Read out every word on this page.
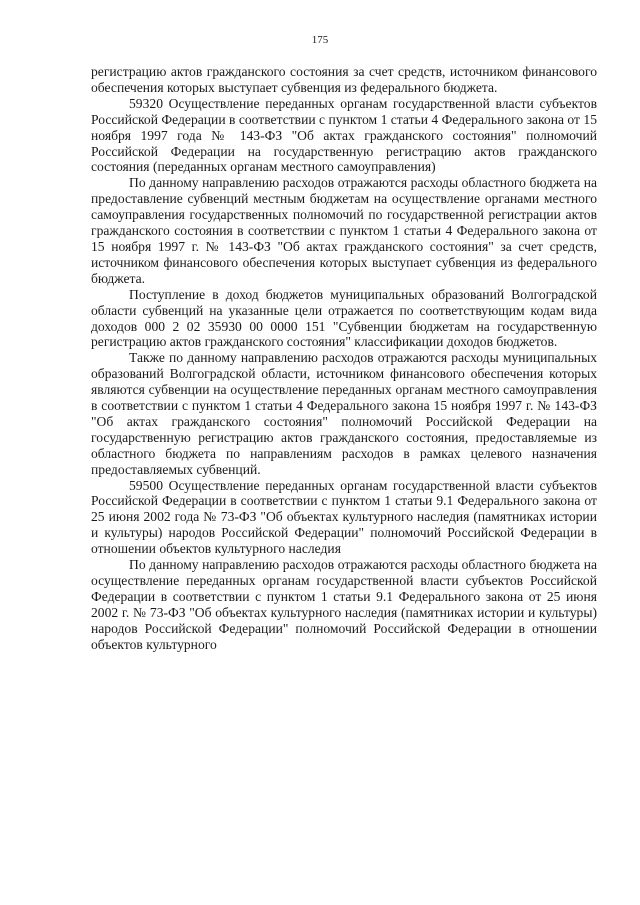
175

регистрацию актов гражданского состояния за счет средств, источником финансового обеспечения которых выступает субвенция из федерального бюджета.

59320 Осуществление переданных органам государственной власти субъектов Российской Федерации в соответствии с пунктом 1 статьи 4 Федерального закона от 15 ноября 1997 года № 143-ФЗ "Об актах гражданского состояния" полномочий Российской Федерации на государственную регистрацию актов гражданского состояния (переданных органам местного самоуправления)

По данному направлению расходов отражаются расходы областного бюджета на предоставление субвенций местным бюджетам на осуществление органами местного самоуправления государственных полномочий по государственной регистрации актов гражданского состояния в соответствии с пунктом 1 статьи 4 Федерального закона от 15 ноября 1997 г. № 143-ФЗ "Об актах гражданского состояния" за счет средств, источником финансового обеспечения которых выступает субвенция из федерального бюджета.

Поступление в доход бюджетов муниципальных образований Волгоградской области субвенций на указанные цели отражается по соответствующим кодам вида доходов 000 2 02 35930 00 0000 151 "Субвенции бюджетам на государственную регистрацию актов гражданского состояния" классификации доходов бюджетов.

Также по данному направлению расходов отражаются расходы муниципальных образований Волгоградской области, источником финансового обеспечения которых являются субвенции на осуществление переданных органам местного самоуправления в соответствии с пунктом 1 статьи 4 Федерального закона 15 ноября 1997 г. № 143-ФЗ "Об актах гражданского состояния" полномочий Российской Федерации на государственную регистрацию актов гражданского состояния, предоставляемые из областного бюджета по направлениям расходов в рамках целевого назначения предоставляемых субвенций.

59500 Осуществление переданных органам государственной власти субъектов Российской Федерации в соответствии с пунктом 1 статьи 9.1 Федерального закона от 25 июня 2002 года № 73-ФЗ "Об объектах культурного наследия (памятниках истории и культуры) народов Российской Федерации" полномочий Российской Федерации в отношении объектов культурного наследия

По данному направлению расходов отражаются расходы областного бюджета на осуществление переданных органам государственной власти субъектов Российской Федерации в соответствии с пунктом 1 статьи 9.1 Федерального закона от 25 июня 2002 г. № 73-ФЗ "Об объектах культурного наследия (памятниках истории и культуры) народов Российской Федерации" полномочий Российской Федерации в отношении объектов культурного
